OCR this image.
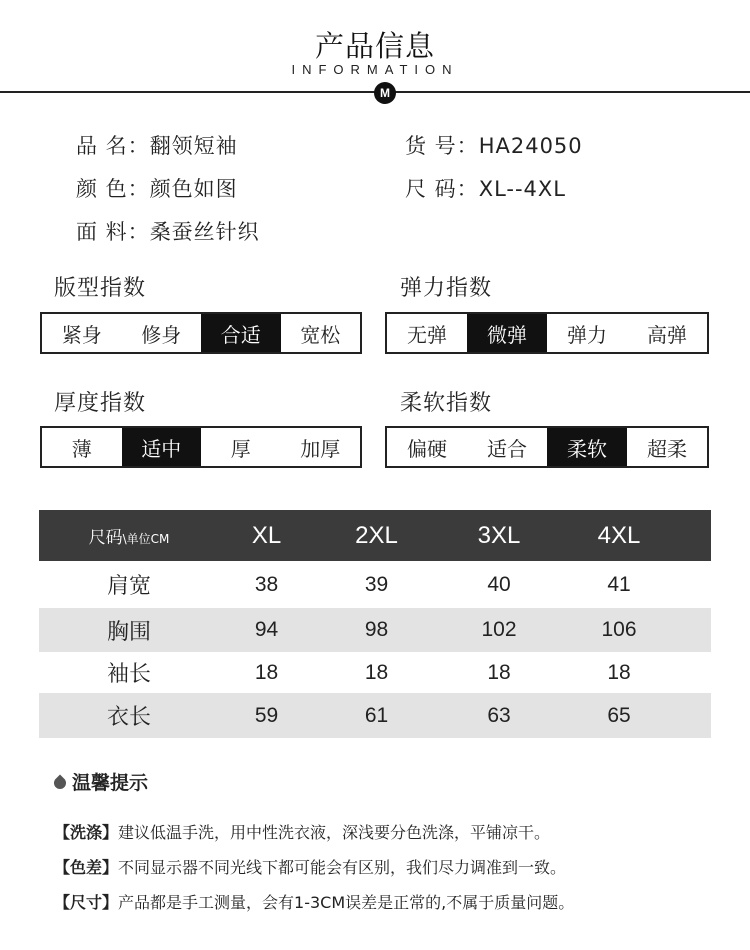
产品信息
INFORMATION
M
品 名：翻领短袖	货 号：HA24050
颜 色：颜色如图	尺 码：XL--4XL
面 料：桑蚕丝针织
版型指数
紧身	修身	合适	宽松
弹力指数
无弹	微弹	弹力	高弹
厚度指数
薄	适中	厚	加厚
柔软指数
偏硬	适合	柔软	超柔
尺码\单位CM	XL	2XL	3XL	4XL
肩宽	38	39	40	41
胸围	94	98	102	106
袖长	18	18	18	18
衣长	59	61	63	65
温馨提示
【洗涤】建议低温手洗，用中性洗衣液，深浅要分色洗涤，平铺凉干。
【色差】不同显示器不同光线下都可能会有区别，我们尽力调准到一致。
【尺寸】产品都是手工测量，会有1-3CM误差是正常的,不属于质量问题。
